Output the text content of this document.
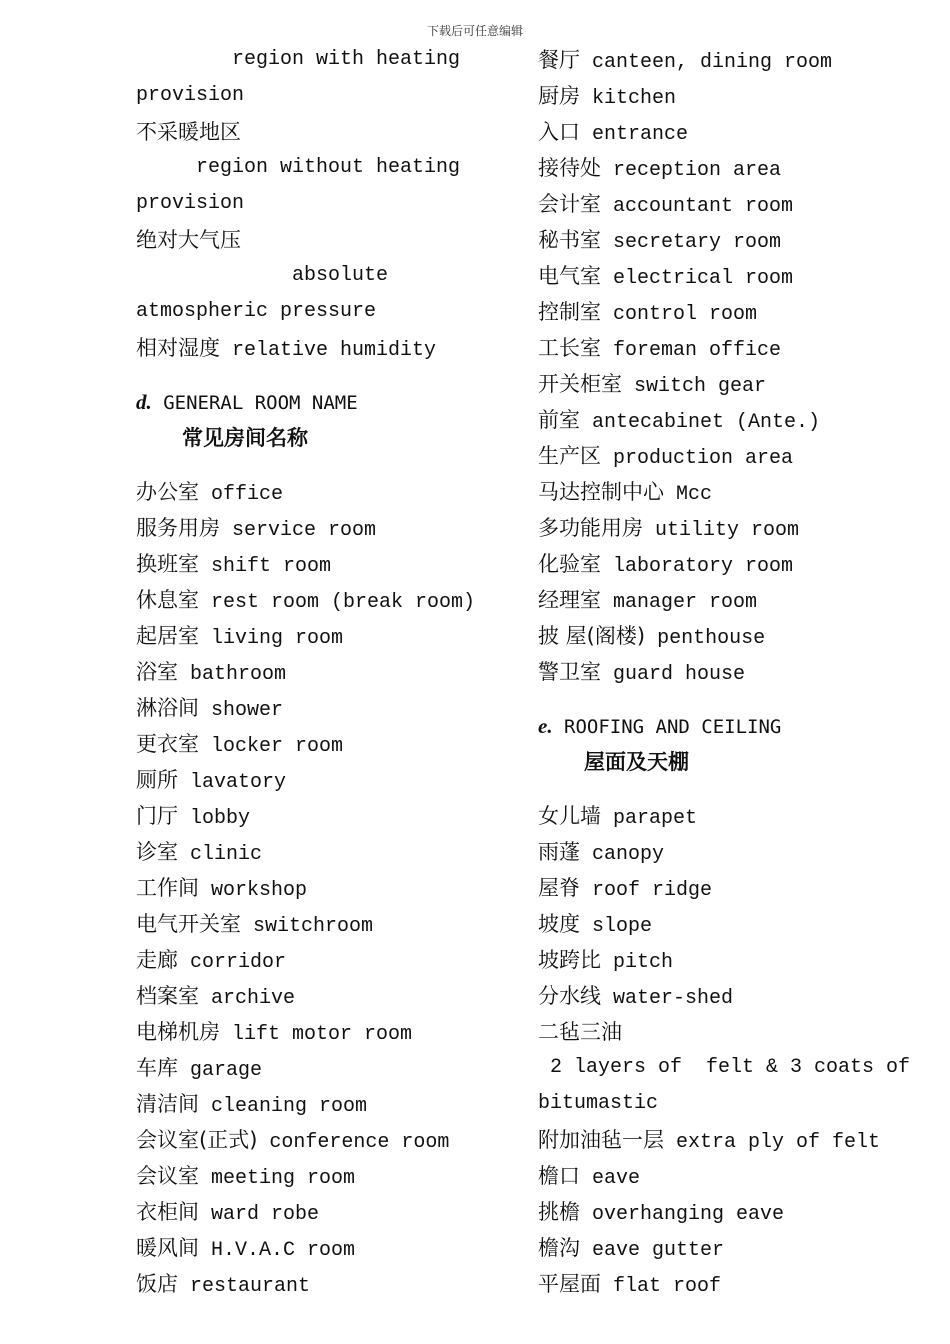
下载后可任意编辑
region with heating
provision
不采暖地区
region without heating
provision
绝对大气压
absolute
atmospheric pressure
相对湿度 relative humidity
d. GENERAL ROOM NAME
常见房间名称
办公室 office
服务用房 service room
换班室 shift room
休息室 rest room (break room)
起居室 living room
浴室 bathroom
淋浴间 shower
更衣室 locker room
厕所 lavatory
门厅 lobby
诊室 clinic
工作间 workshop
电气开关室 switchroom
走廊 corridor
档案室 archive
电梯机房 lift motor room
车库 garage
清洁间 cleaning room
会议室(正式) conference room
会议室 meeting room
衣柜间 ward robe
暖风间 H.V.A.C room
饭店 restaurant
餐厅 canteen, dining room
厨房 kitchen
入口 entrance
接待处 reception area
会计室 accountant room
秘书室 secretary room
电气室 electrical room
控制室 control room
工长室 foreman office
开关柜室 switch gear
前室 antecabinet (Ante.)
生产区 production area
马达控制中心 Mcc
多功能用房 utility room
化验室 laboratory room
经理室 manager room
披 屋(阁楼) penthouse
警卫室 guard house
e. ROOFING AND CEILING
屋面及天棚
女儿墙 parapet
雨蓬 canopy
屋脊 roof ridge
坡度 slope
坡跨比 pitch
分水线 water-shed
二毡三油
2 layers of  felt & 3 coats of
bitumastic
附加油毡一层 extra ply of felt
檐口 eave
挑檐 overhanging eave
檐沟 eave gutter
平屋面 flat roof
